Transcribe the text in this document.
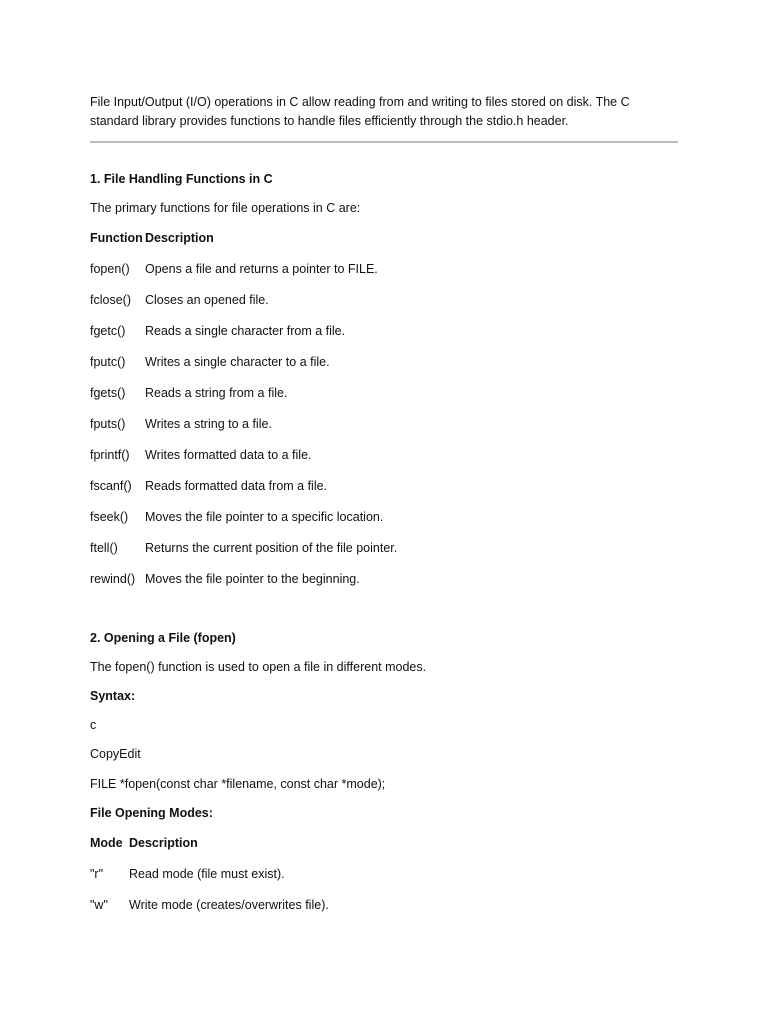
File Input/Output (I/O) operations in C allow reading from and writing to files stored on disk. The C standard library provides functions to handle files efficiently through the stdio.h header.
1. File Handling Functions in C
The primary functions for file operations in C are:
Function Description
fopen() Opens a file and returns a pointer to FILE.
fclose() Closes an opened file.
fgetc() Reads a single character from a file.
fputc() Writes a single character to a file.
fgets() Reads a string from a file.
fputs() Writes a string to a file.
fprintf() Writes formatted data to a file.
fscanf() Reads formatted data from a file.
fseek() Moves the file pointer to a specific location.
ftell() Returns the current position of the file pointer.
rewind() Moves the file pointer to the beginning.
2. Opening a File (fopen)
The fopen() function is used to open a file in different modes.
Syntax:
c
CopyEdit
FILE *fopen(const char *filename, const char *mode);
File Opening Modes:
Mode Description
"r" Read mode (file must exist).
"w" Write mode (creates/overwrites file).
